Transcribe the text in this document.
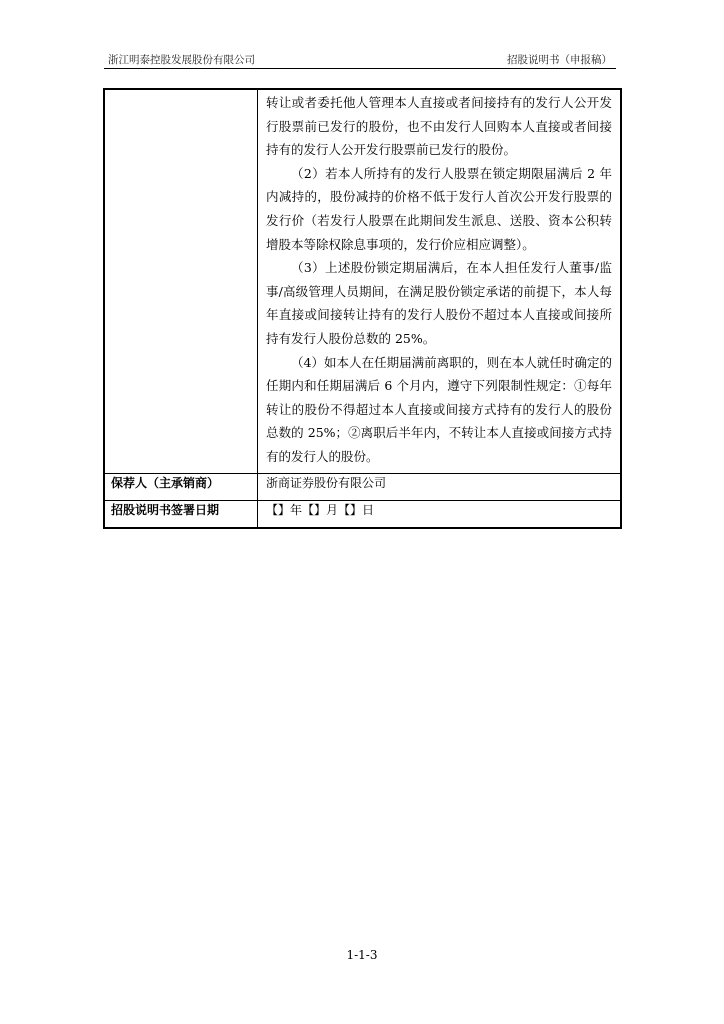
浙江明泰控股发展股份有限公司	招股说明书（申报稿）

	转让或者委托他人管理本人直接或者间接持有的发行人公开发行股票前已发行的股份，也不由发行人回购本人直接或者间接持有的发行人公开发行股票前已发行的股份。

（2）若本人所持有的发行人股票在锁定期限届满后 2 年内减持的，股份减持的价格不低于发行人首次公开发行股票的发行价（若发行人股票在此期间发生派息、送股、资本公积转增股本等除权除息事项的，发行价应相应调整）。

（3）上述股份锁定期届满后，在本人担任发行人董事/监事/高级管理人员期间，在满足股份锁定承诺的前提下，本人每年直接或间接转让持有的发行人股份不超过本人直接或间接所持有发行人股份总数的 25%。

（4）如本人在任期届满前离职的，则在本人就任时确定的任期内和任期届满后 6 个月内，遵守下列限制性规定：①每年转让的股份不得超过本人直接或间接方式持有的发行人的股份总数的 25%；②离职后半年内，不转让本人直接或间接方式持有的发行人的股份。

保荐人（主承销商）	浙商证券股份有限公司
招股说明书签署日期	【】年【】月【】日
1-1-3
